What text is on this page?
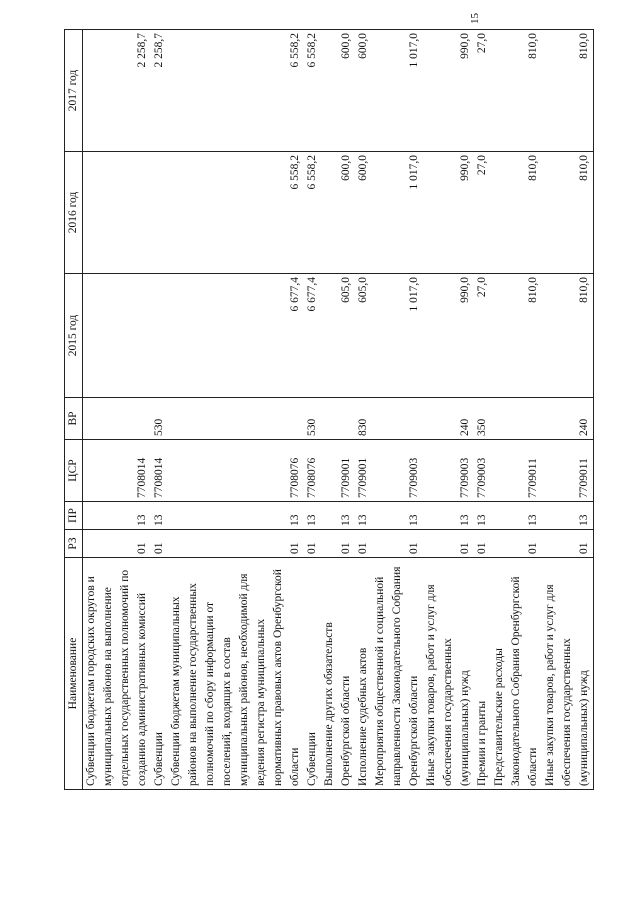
15
Наименование	РЗ	ПР	ЦСР	ВР	2015 год	2016 год	2017 год
Субвенции бюджетам городских округов и муниципальных районов на выполнение отдельных государственных полномочий по созданию административных комиссий	01	13	7708014				2 258,7
Субвенции	01	13	7708014	530			2 258,7
Субвенции бюджетам муниципальных районов на выполнение государственных полномочий по сбору информации от поселений, входящих в состав муниципальных районов, необходимой для ведения регистра муниципальных нормативных правовых актов Оренбургской области	01	13	7708076		6 677,4	6 558,2	6 558,2
Субвенции	01	13	7708076	530	6 677,4	6 558,2	6 558,2
Выполнение других обязательств Оренбургской области	01	13	7709001		605,0	600,0	600,0
Исполнение судебных актов	01	13	7709001	830	605,0	600,0	600,0
Мероприятия общественной и социальной направленности Законодательного Собрания Оренбургской области	01	13	7709003		1 017,0	1 017,0	1 017,0
Иные закупки товаров, работ и услуг для обеспечения государственных (муниципальных) нужд	01	13	7709003	240	990,0	990,0	990,0
Премии и гранты	01	13	7709003	350	27,0	27,0	27,0
Представительские расходы Законодательного Собрания Оренбургской области	01	13	7709011		810,0	810,0	810,0
Иные закупки товаров, работ и услуг для обеспечения государственных (муниципальных) нужд	01	13	7709011	240	810,0	810,0	810,0
